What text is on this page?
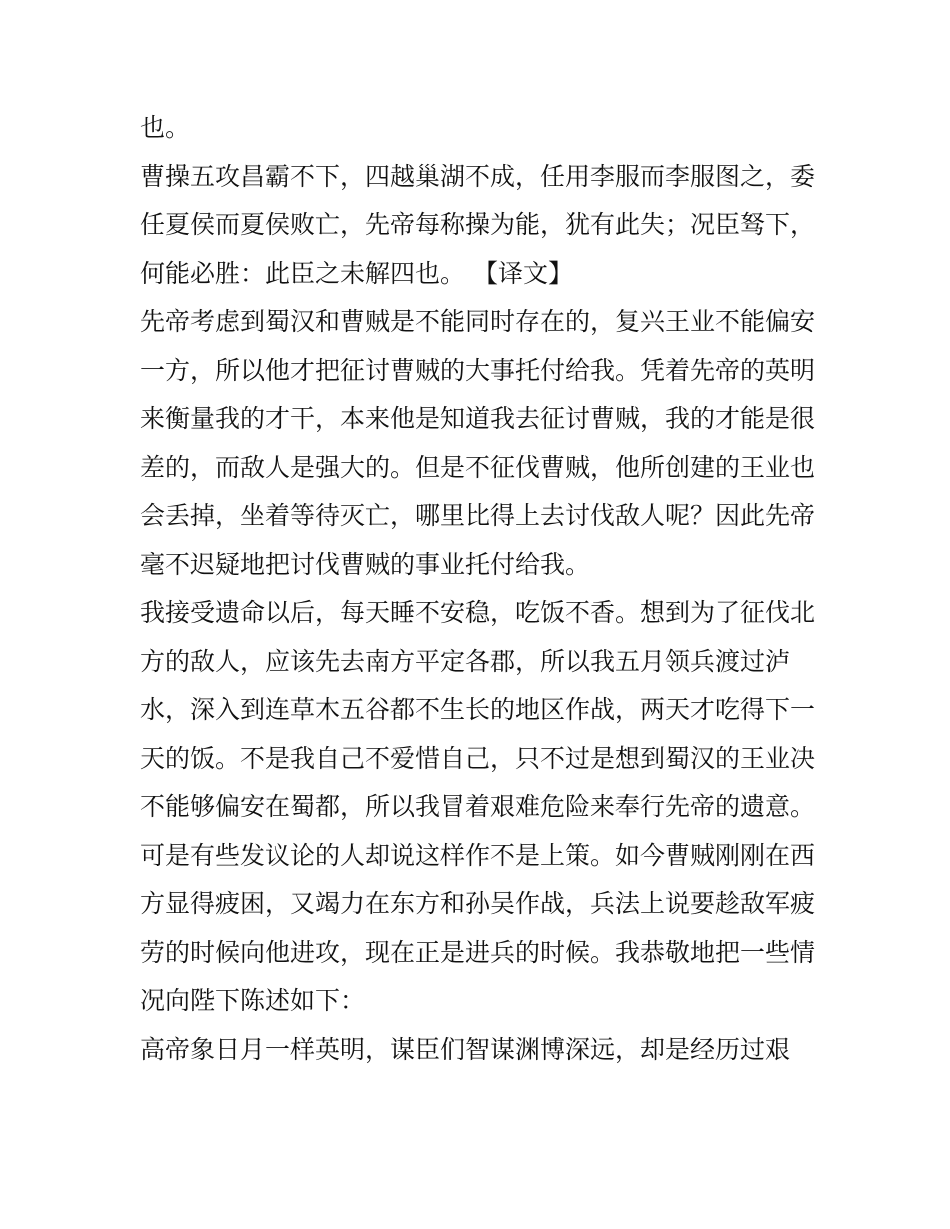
也。
曹操五攻昌霸不下，四越巢湖不成，任用李服而李服图之，委
任夏侯而夏侯败亡，先帝每称操为能，犹有此失；况臣驽下，
何能必胜：此臣之未解四也。 【译文】
先帝考虑到蜀汉和曹贼是不能同时存在的，复兴王业不能偏安
一方，所以他才把征讨曹贼的大事托付给我。凭着先帝的英明
来衡量我的才干，本来他是知道我去征讨曹贼，我的才能是很
差的，而敌人是强大的。但是不征伐曹贼，他所创建的王业也
会丢掉，坐着等待灭亡，哪里比得上去讨伐敌人呢？因此先帝
毫不迟疑地把讨伐曹贼的事业托付给我。
我接受遗命以后，每天睡不安稳，吃饭不香。想到为了征伐北
方的敌人，应该先去南方平定各郡，所以我五月领兵渡过泸
水，深入到连草木五谷都不生长的地区作战，两天才吃得下一
天的饭。不是我自己不爱惜自己，只不过是想到蜀汉的王业决
不能够偏安在蜀都，所以我冒着艰难危险来奉行先帝的遗意。
可是有些发议论的人却说这样作不是上策。如今曹贼刚刚在西
方显得疲困，又竭力在东方和孙吴作战，兵法上说要趁敌军疲
劳的时候向他进攻，现在正是进兵的时候。我恭敬地把一些情
况向陛下陈述如下：
高帝象日月一样英明，谋臣们智谋渊博深远，却是经历过艰
